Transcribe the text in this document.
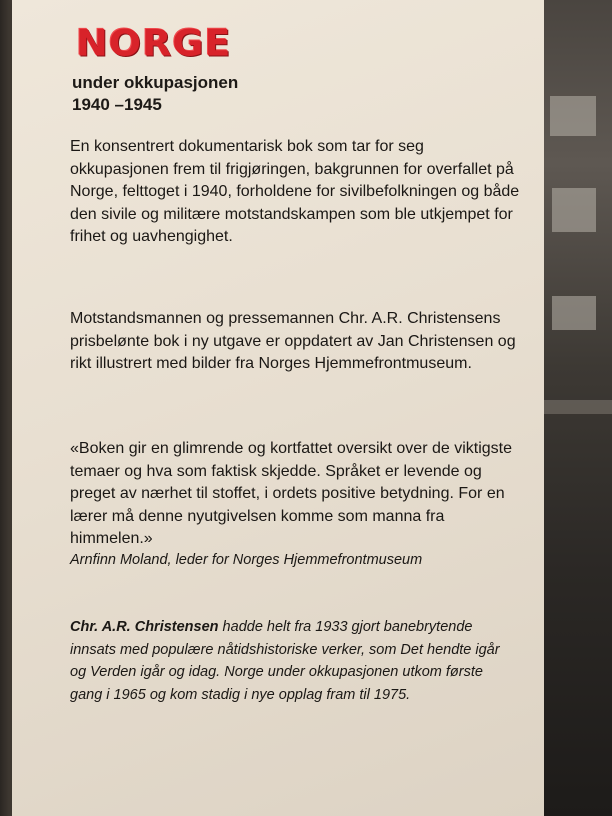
NORGE
under okkupasjonen
1940 –1945

En konsentrert dokumentarisk bok som tar for seg okkupasjonen frem til frigjøringen, bakgrunnen for overfallet på Norge, felttoget i 1940, forholdene for sivilbefolkningen og både den sivile og militære motstandskampen som ble utkjempet for frihet og uavhengighet.

Motstandsmannen og pressemannen Chr. A.R. Christensens prisbelønte bok i ny utgave er oppdatert av Jan Christensen og rikt illustrert med bilder fra Norges Hjemmefrontmuseum.

«Boken gir en glimrende og kortfattet oversikt over de viktigste temaer og hva som faktisk skjedde. Språket er levende og preget av nærhet til stoffet, i ordets positive betydning. For en lærer må denne nyutgivelsen komme som manna fra himmelen.»

Arnfinn Moland, leder for Norges Hjemmefrontmuseum

Chr. A.R. Christensen hadde helt fra 1933 gjort banebrytende innsats med populære nåtidshistoriske verker, som Det hendte igår og Verden igår og idag. Norge under okkupasjonen utkom første gang i 1965 og kom stadig i nye opplag fram til 1975.
